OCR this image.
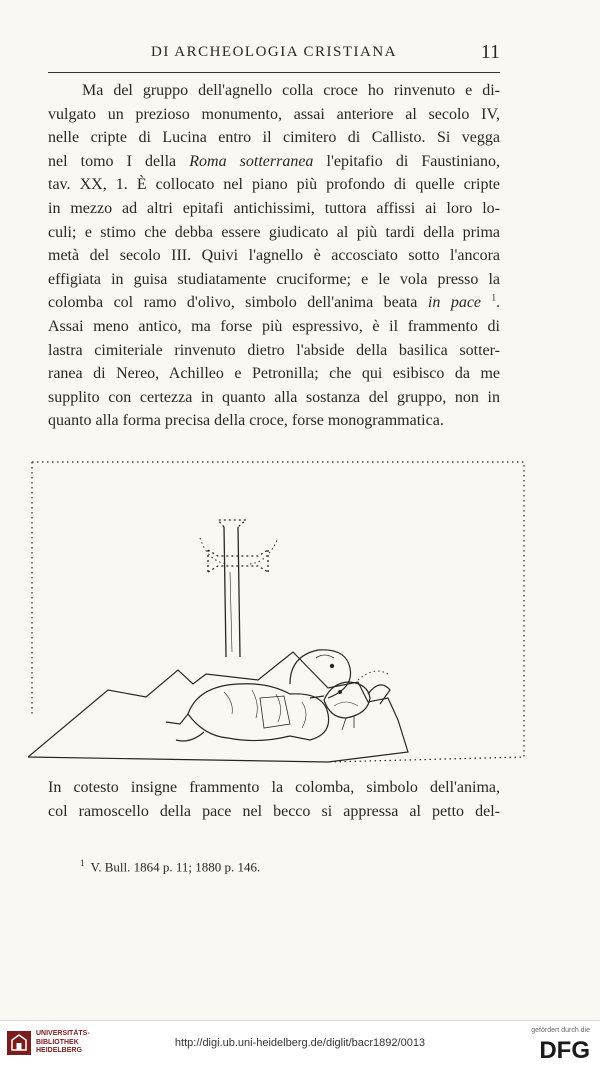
DI ARCHEOLOGIA CRISTIANA	11
Ma del gruppo dell'agnello colla croce ho rinvenuto e di-
vulgato un prezioso monumento, assai anteriore al secolo IV,
nelle cripte di Lucina entro il cimitero di Callisto. Si vegga
nel tomo I della Roma sotterranea l'epitafio di Faustiniano,
tav. XX, 1. È collocato nel piano più profondo di quelle cripte
in mezzo ad altri epitafi antichissimi, tuttora affissi ai loro lo-
culi; e stimo che debba essere giudicato al più tardi della prima
metà del secolo III. Quivi l'agnello è accosciato sotto l'ancora
effigiata in guisa studiatamente cruciforme; e le vola presso la
colomba col ramo d'olivo, simbolo dell'anima beata in pace $^1$.
Assai meno antico, ma forse più espressivo, è il frammento di
lastra cimiteriale rinvenuto dietro l'abside della basilica sotter-
ranea di Nereo, Achilleo e Petronilla; che qui esibisco da me
supplito con certezza in quanto alla sostanza del gruppo, non in
quanto alla forma precisa della croce, forse monogrammatica.
In cotesto insigne frammento la colomba, simbolo dell'anima,
col ramoscello della pace nel becco si appressa al petto del-
$^1$ V. Bull. 1864 p. 11; 1880 p. 146.
UNIVERSITÄTS-
BIBLIOTHEK
HEIDELBERG
http://digi.ub.uni-heidelberg.de/diglit/bacr1892/0013
gefördert durch die
DFG
